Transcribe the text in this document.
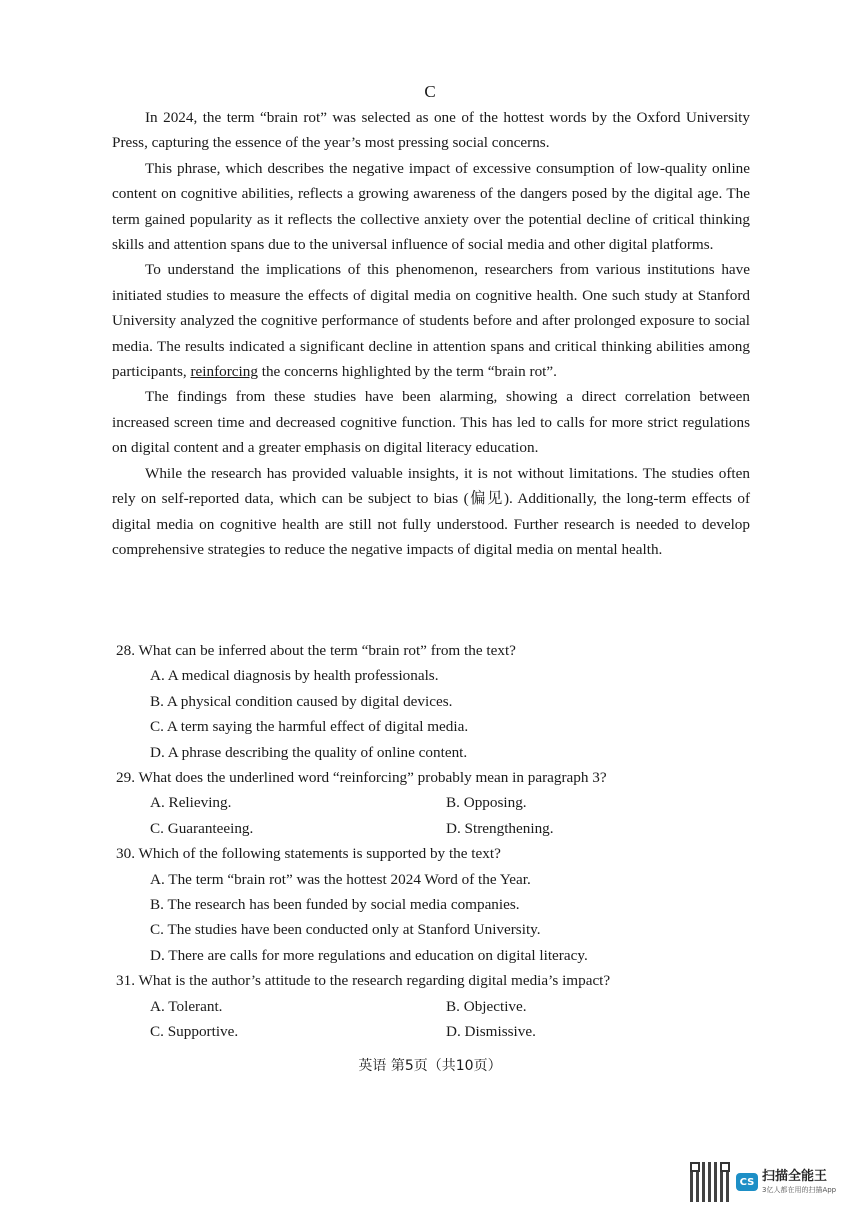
C

In 2024, the term “brain rot” was selected as one of the hottest words by the Oxford University Press, capturing the essence of the year’s most pressing social concerns.

This phrase, which describes the negative impact of excessive consumption of low-quality online content on cognitive abilities, reflects a growing awareness of the dangers posed by the digital age. The term gained popularity as it reflects the collective anxiety over the potential decline of critical thinking skills and attention spans due to the universal influence of social media and other digital platforms.

To understand the implications of this phenomenon, researchers from various institutions have initiated studies to measure the effects of digital media on cognitive health. One such study at Stanford University analyzed the cognitive performance of students before and after prolonged exposure to social media. The results indicated a significant decline in attention spans and critical thinking abilities among participants, reinforcing the concerns highlighted by the term “brain rot”.

The findings from these studies have been alarming, showing a direct correlation between increased screen time and decreased cognitive function. This has led to calls for more strict regulations on digital content and a greater emphasis on digital literacy education.

While the research has provided valuable insights, it is not without limitations. The studies often rely on self-reported data, which can be subject to bias (偏见). Additionally, the long-term effects of digital media on cognitive health are still not fully understood. Further research is needed to develop comprehensive strategies to reduce the negative impacts of digital media on mental health.

28. What can be inferred about the term “brain rot” from the text?

A. A medical diagnosis by health professionals.

B. A physical condition caused by digital devices.

C. A term saying the harmful effect of digital media.

D. A phrase describing the quality of online content.

29. What does the underlined word “reinforcing” probably mean in paragraph 3?

A. Relieving.	B. Opposing.

C. Guaranteeing.	D. Strengthening.

30. Which of the following statements is supported by the text?

A. The term “brain rot” was the hottest 2024 Word of the Year.

B. The research has been funded by social media companies.

C. The studies have been conducted only at Stanford University.

D. There are calls for more regulations and education on digital literacy.

31. What is the author’s attitude to the research regarding digital media’s impact?

A. Tolerant.	B. Objective.

C. Supportive.	D. Dismissive.

英语 第5页（共10页）
CS 扫描全能王
3亿人都在用的扫描App
